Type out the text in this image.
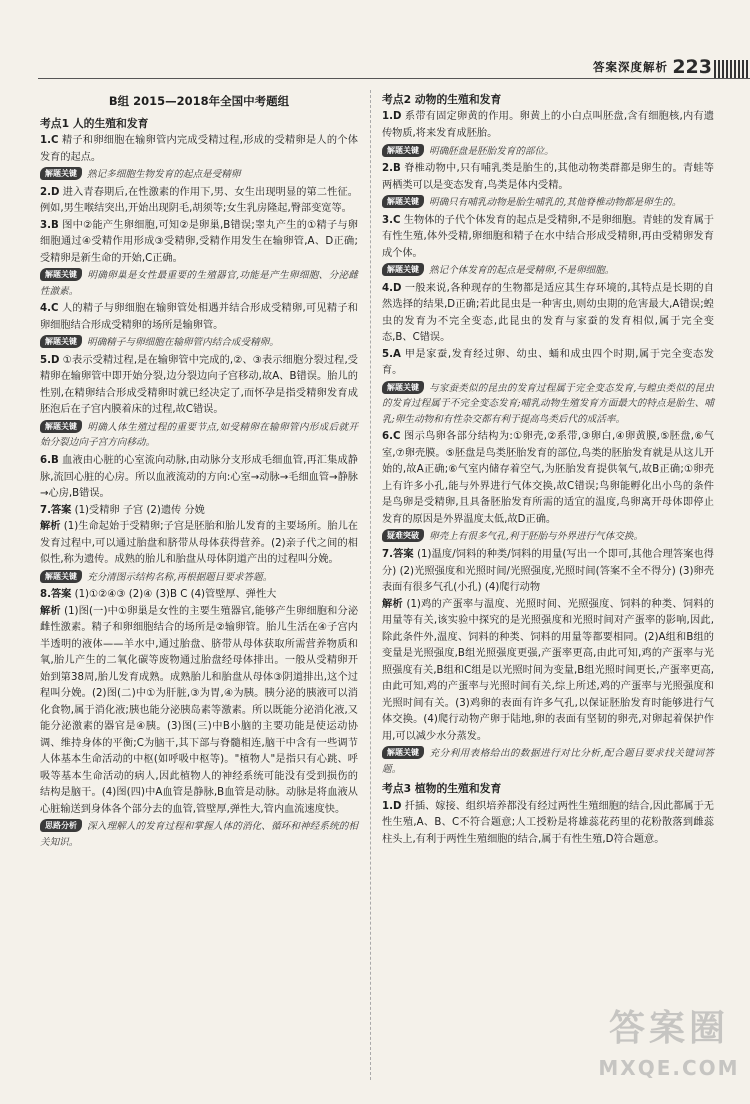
答案深度解析 223
B组 2015—2018年全国中考题组
考点1 人的生殖和发育

1.C 精子和卵细胞在输卵管内完成受精过程,形成的受精卵是人的个体发育的起点。

解题关键 熟记多细胞生物发育的起点是受精卵

2.D 进入青春期后,在性激素的作用下,男、女生出现明显的第二性征。例如,男生喉结突出,开始出现阴毛,胡须等;女生乳房隆起,臀部变宽等。

3.B 图中②能产生卵细胞,可知②是卵巢,B错误;睾丸产生的①精子与卵细胞通过④受精作用形成③受精卵,受精作用发生在输卵管,A、D正确;受精卵是新生命的开始,C正确。

解题关键 明确卵巢是女性最重要的生殖器官,功能是产生卵细胞、分泌雌性激素。

4.C 人的精子与卵细胞在输卵管处相遇并结合形成受精卵,可见精子和卵细胞结合形成受精卵的场所是输卵管。

解题关键 明确精子与卵细胞在输卵管内结合成受精卵。

5.D ①表示受精过程,是在输卵管中完成的,②、③表示细胞分裂过程,受精卵在输卵管中即开始分裂,边分裂边向子宫移动,故A、B错误。胎儿的性别,在精卵结合形成受精卵时就已经决定了,而怀孕是指受精卵发育成胚泡后在子宫内膜着床的过程,故C错误。

解题关键 明确人体生殖过程的重要节点,如受精卵在输卵管内形成后就开始分裂边向子宫方向移动。

6.B 血液由心脏的心室流向动脉,由动脉分支形成毛细血管,再汇集成静脉,流回心脏的心房。所以血液流动的方向:心室→动脉→毛细血管→静脉→心房,B错误。

7.答案 (1)受精卵 子宫 (2)遗传 分娩

解析 (1)生命起始于受精卵;子宫是胚胎和胎儿发育的主要场所。胎儿在发育过程中,可以通过胎盘和脐带从母体获得营养。(2)亲子代之间的相似性,称为遗传。成熟的胎儿和胎盘从母体阴道产出的过程叫分娩。

解题关键 充分清图示结构名称,再根据题目要求答题。

8.答案 (1)①②④③ (2)④ (3)B C (4)管壁厚、弹性大

解析 (1)图(一)中①卵巢是女性的主要生殖器官,能够产生卵细胞和分泌雌性激素。精子和卵细胞结合的场所是②输卵管。胎儿生活在④子宫内半透明的液体——羊水中,通过胎盘、脐带从母体获取所需营养物质和氧,胎儿产生的二氧化碳等废物通过胎盘经母体排出。一般从受精卵开始到第38周,胎儿发育成熟。成熟胎儿和胎盘从母体③阴道排出,这个过程叫分娩。(2)图(二)中①为肝脏,③为胃,④为胰。胰分泌的胰液可以消化食物,属于消化液;胰也能分泌胰岛素等激素。所以既能分泌消化液,又能分泌激素的器官是④胰。(3)图(三)中B小脑的主要功能是使运动协调、维持身体的平衡;C为脑干,其下部与脊髓相连,脑干中含有一些调节人体基本生命活动的中枢(如呼吸中枢等)。"植物人"是指只有心跳、呼吸等基本生命活动的病人,因此植物人的神经系统可能没有受到损伤的结构是脑干。(4)图(四)中A血管是静脉,B血管是动脉。动脉是将血液从心脏输送到身体各个部分去的血管,管壁厚,弹性大,管内血流速度快。

思路分析 深入理解人的发育过程和掌握人体的消化、循环和神经系统的相关知识。
考点2 动物的生殖和发育

1.D 系带有固定卵黄的作用。卵黄上的小白点叫胚盘,含有细胞核,内有遗传物质,将来发育成胚胎。

解题关键 明确胚盘是胚胎发育的部位。

2.B 脊椎动物中,只有哺乳类是胎生的,其他动物类群都是卵生的。青蛙等两栖类可以是变态发育,鸟类是体内受精。

解题关键 明确只有哺乳动物是胎生哺乳的,其他脊椎动物都是卵生的。

3.C 生物体的子代个体发育的起点是受精卵,不是卵细胞。青蛙的发育属于有性生殖,体外受精,卵细胞和精子在水中结合形成受精卵,再由受精卵发育成个体。

解题关键 熟记个体发育的起点是受精卵,不是卵细胞。

4.D 一般来说,各种现存的生物都是适应其生存环境的,其特点是长期的自然选择的结果,D正确;若此昆虫是一种害虫,则幼虫期的危害最大,A错误;蝗虫的发育为不完全变态,此昆虫的发育与家蚕的发育相似,属于完全变态,B、C错误。

5.A 甲是家蚕,发育经过卵、幼虫、蛹和成虫四个时期,属于完全变态发育。

解题关键 与家蚕类似的昆虫的发育过程属于完全变态发育,与蝗虫类似的昆虫的发育过程属于不完全变态发育;哺乳动物生殖发育方面最大的特点是胎生、哺乳;卵生动物和有性杂交都有利于提高鸟类后代的成活率。

6.C 图示鸟卵各部分结构为:①卵壳,②系带,③卵白,④卵黄膜,⑤胚盘,⑥气室,⑦卵壳膜。⑤胚盘是鸟类胚胎发育的部位,鸟类的胚胎发育就是从这儿开始的,故A正确;⑥气室内储存着空气,为胚胎发育提供氧气,故B正确;①卵壳上有许多小孔,能与外界进行气体交换,故C错误;鸟卵能孵化出小鸟的条件是鸟卵是受精卵,且具备胚胎发育所需的适宜的温度,鸟卵离开母体即停止发育的原因是外界温度太低,故D正确。

疑难突破 卵壳上有很多气孔,利于胚胎与外界进行气体交换。

7.答案 (1)温度/饲料的种类/饲料的用量(写出一个即可,其他合理答案也得分) (2)光照强度和光照时间/光照强度,光照时间(答案不全不得分) (3)卵壳表面有很多气孔(小孔) (4)爬行动物

解析 (1)鸡的产蛋率与温度、光照时间、光照强度、饲料的种类、饲料的用量等有关,该实验中探究的是光照强度和光照时间对产蛋率的影响,因此,除此条件外,温度、饲料的种类、饲料的用量等都要相同。(2)A组和B组的变量是光照强度,B组光照强度更强,产蛋率更高,由此可知,鸡的产蛋率与光照强度有关,B组和C组是以光照时间为变量,B组光照时间更长,产蛋率更高,由此可知,鸡的产蛋率与光照时间有关,综上所述,鸡的产蛋率与光照强度和光照时间有关。(3)鸡卵的表面有许多气孔,以保证胚胎发育时能够进行气体交换。(4)爬行动物产卵于陆地,卵的表面有坚韧的卵壳,对卵起着保护作用,可以减少水分蒸发。

解题关键 充分利用表格给出的数据进行对比分析,配合题目要求找关键词答题。
考点3 植物的生殖和发育

1.D 扦插、嫁接、组织培养都没有经过两性生殖细胞的结合,因此都属于无性生殖,A、B、C不符合题意;人工授粉是将雄蕊花药里的花粉散落到雌蕊柱头上,有利于两性生殖细胞的结合,属于有性生殖,D符合题意。

答案圈
MXQE.COM
